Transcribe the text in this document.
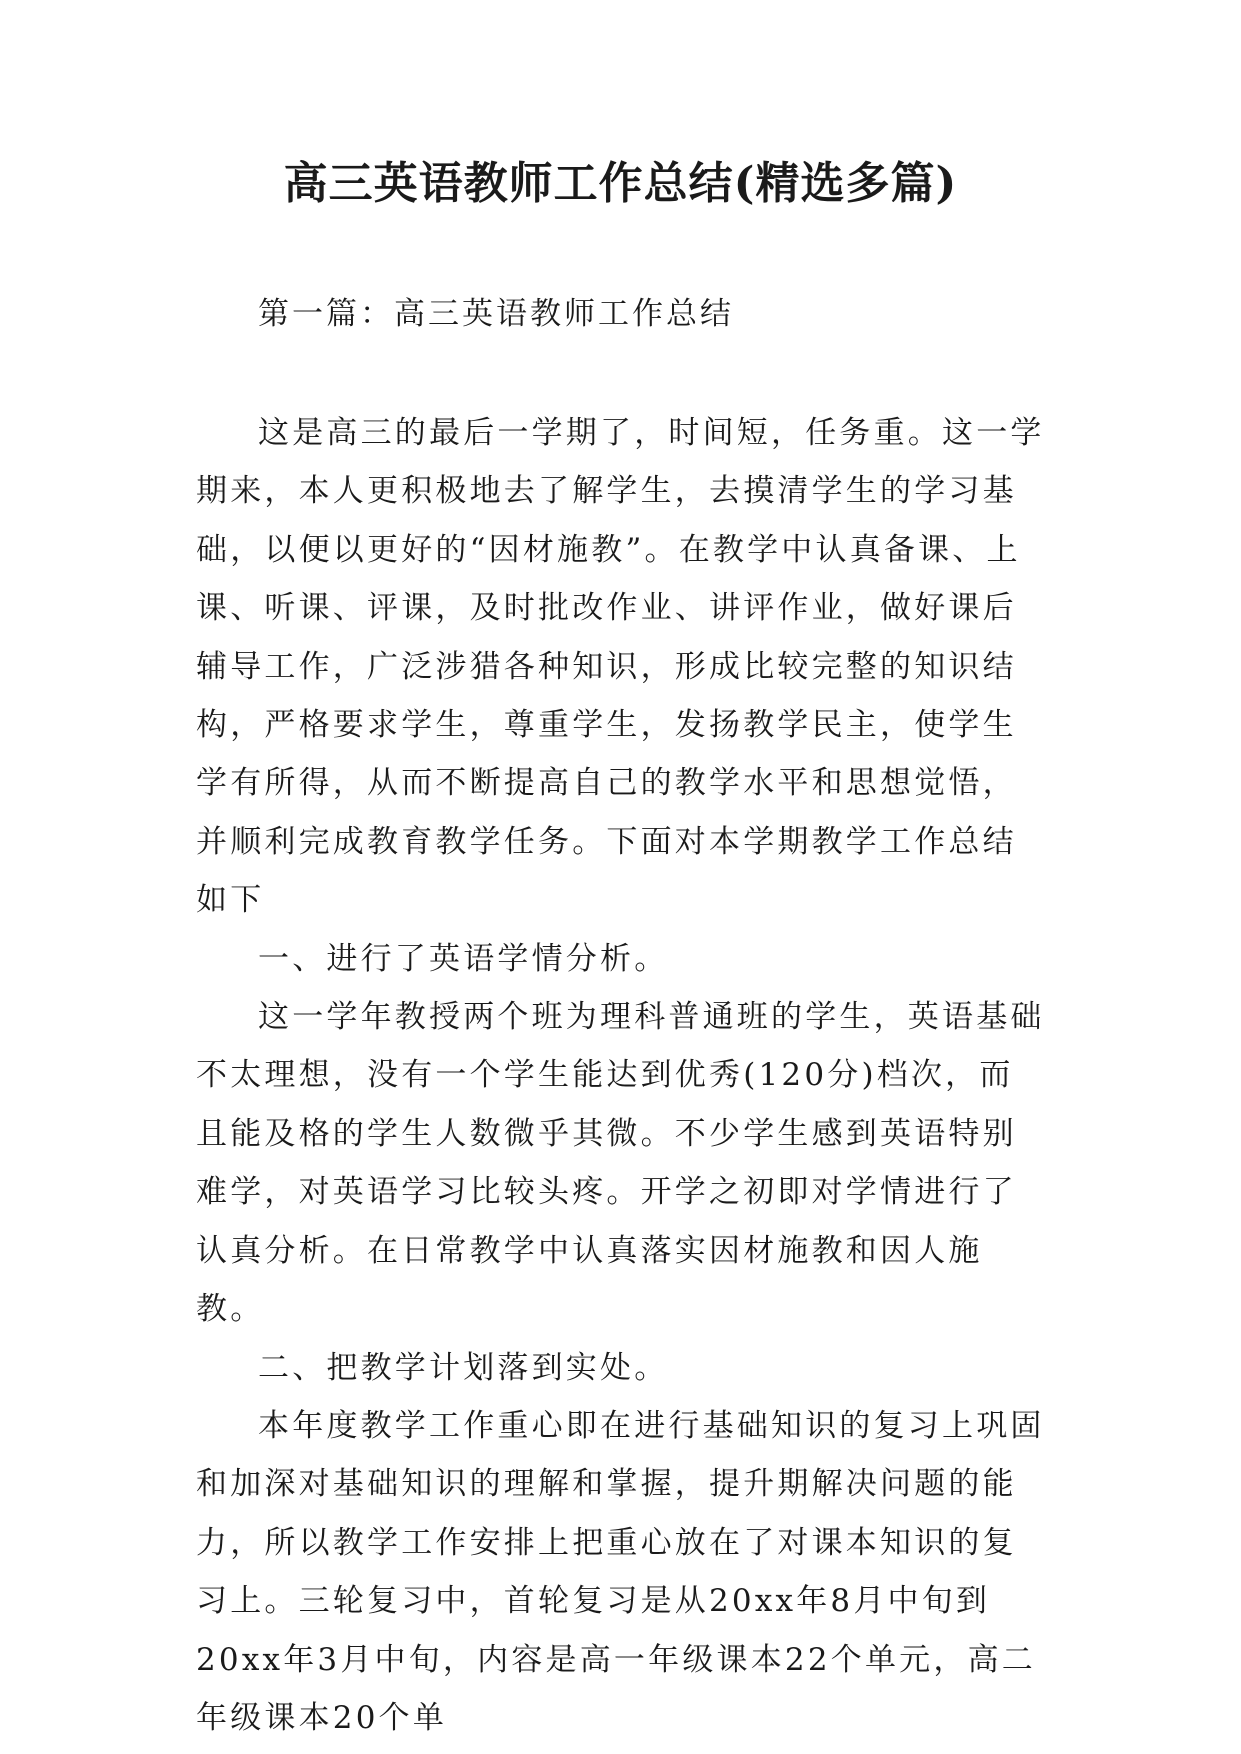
高三英语教师工作总结(精选多篇)
第一篇：高三英语教师工作总结

这是高三的最后一学期了，时间短，任务重。这一学期来，本人更积极地去了解学生，去摸清学生的学习基础，以便以更好的“因材施教”。在教学中认真备课、上课、听课、评课，及时批改作业、讲评作业，做好课后辅导工作，广泛涉猎各种知识，形成比较完整的知识结构，严格要求学生，尊重学生，发扬教学民主，使学生学有所得，从而不断提高自己的教学水平和思想觉悟，并顺利完成教育教学任务。下面对本学期教学工作总结如下

一、进行了英语学情分析。

这一学年教授两个班为理科普通班的学生，英语基础不太理想，没有一个学生能达到优秀(120分)档次，而且能及格的学生人数微乎其微。不少学生感到英语特别难学，对英语学习比较头疼。开学之初即对学情进行了认真分析。在日常教学中认真落实因材施教和因人施教。

二、把教学计划落到实处。

本年度教学工作重心即在进行基础知识的复习上巩固和加深对基础知识的理解和掌握，提升期解决问题的能力，所以教学工作安排上把重心放在了对课本知识的复习上。三轮复习中，首轮复习是从20xx年8月中旬到20xx年3月中旬，内容是高一年级课本22个单元，高二年级课本20个单
